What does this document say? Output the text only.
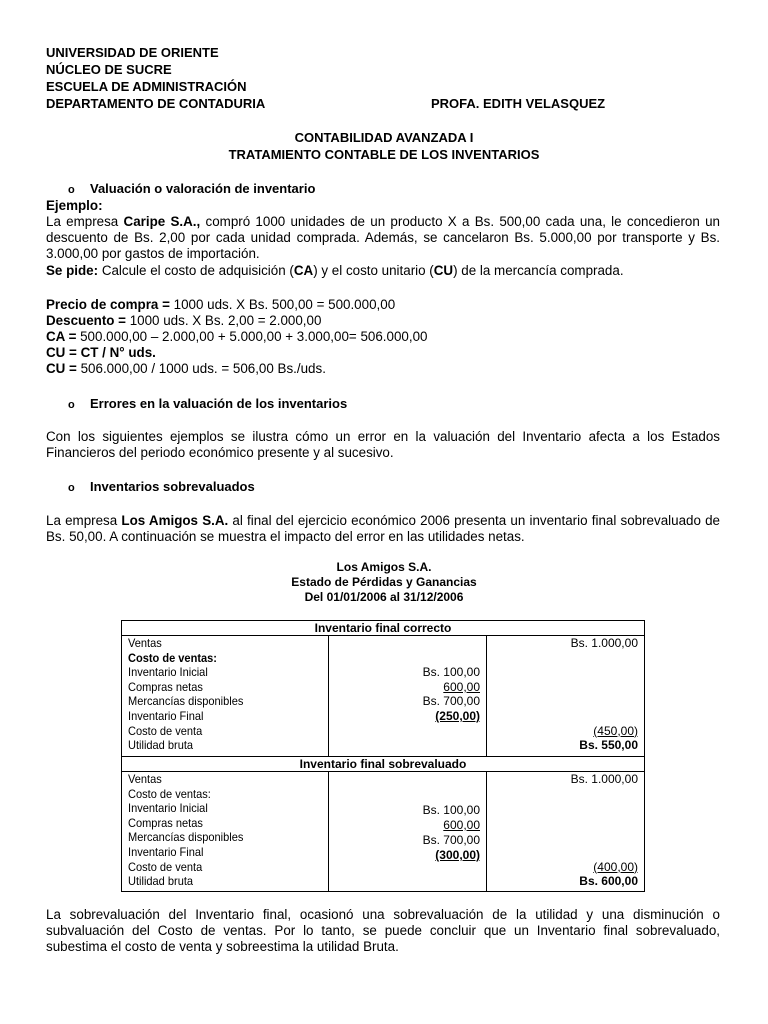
UNIVERSIDAD DE ORIENTE
NÚCLEO DE SUCRE
ESCUELA DE ADMINISTRACIÓN
DEPARTAMENTO DE CONTADURIA	PROFA. EDITH VELASQUEZ
CONTABILIDAD AVANZADA I
TRATAMIENTO CONTABLE DE LOS INVENTARIOS
o Valuación o valoración de inventario
Ejemplo:
La empresa Caripe S.A., compró 1000 unidades de un producto X a Bs. 500,00 cada una, le concedieron un descuento de Bs. 2,00 por cada unidad comprada. Además, se cancelaron Bs. 5.000,00 por transporte y Bs. 3.000,00 por gastos de importación.
Se pide: Calcule el costo de adquisición (CA) y el costo unitario (CU) de la mercancía comprada.
Precio de compra = 1000 uds. X Bs. 500,00 = 500.000,00
Descuento = 1000 uds. X Bs. 2,00 = 2.000,00
CA = 500.000,00 – 2.000,00 + 5.000,00 + 3.000,00= 506.000,00
CU = CT / N° uds.
CU = 506.000,00 / 1000 uds. = 506,00 Bs./uds.
o Errores en la valuación de los inventarios
Con los siguientes ejemplos se ilustra cómo un error en la valuación del Inventario afecta a los Estados Financieros del periodo económico presente y al sucesivo.
o Inventarios sobrevaluados
La empresa Los Amigos S.A. al final del ejercicio económico 2006 presenta un inventario final sobrevaluado de Bs. 50,00. A continuación se muestra el impacto del error en las utilidades netas.
Los Amigos S.A.
Estado de Pérdidas y Ganancias
Del 01/01/2006 al 31/12/2006
Inventario final correcto
Ventas
Costo de ventas:
Inventario Inicial
Compras netas
Mercancías disponibles
Inventario Final
Costo de venta
Utilidad bruta
Bs. 100,00
600,00
Bs. 700,00
(250,00)
Bs. 1.000,00
(450,00)
Bs. 550,00
Inventario final sobrevaluado
Ventas
Costo de ventas:
Inventario Inicial
Compras netas
Mercancías disponibles
Inventario Final
Costo de venta
Utilidad bruta
Bs. 100,00
600,00
Bs. 700,00
(300,00)
Bs. 1.000,00
(400,00)
Bs. 600,00
La sobrevaluación del Inventario final, ocasionó una sobrevaluación de la utilidad y una disminución o subvaluación del Costo de ventas. Por lo tanto, se puede concluir que un Inventario final sobrevaluado, subestima el costo de venta y sobreestima la utilidad Bruta.
